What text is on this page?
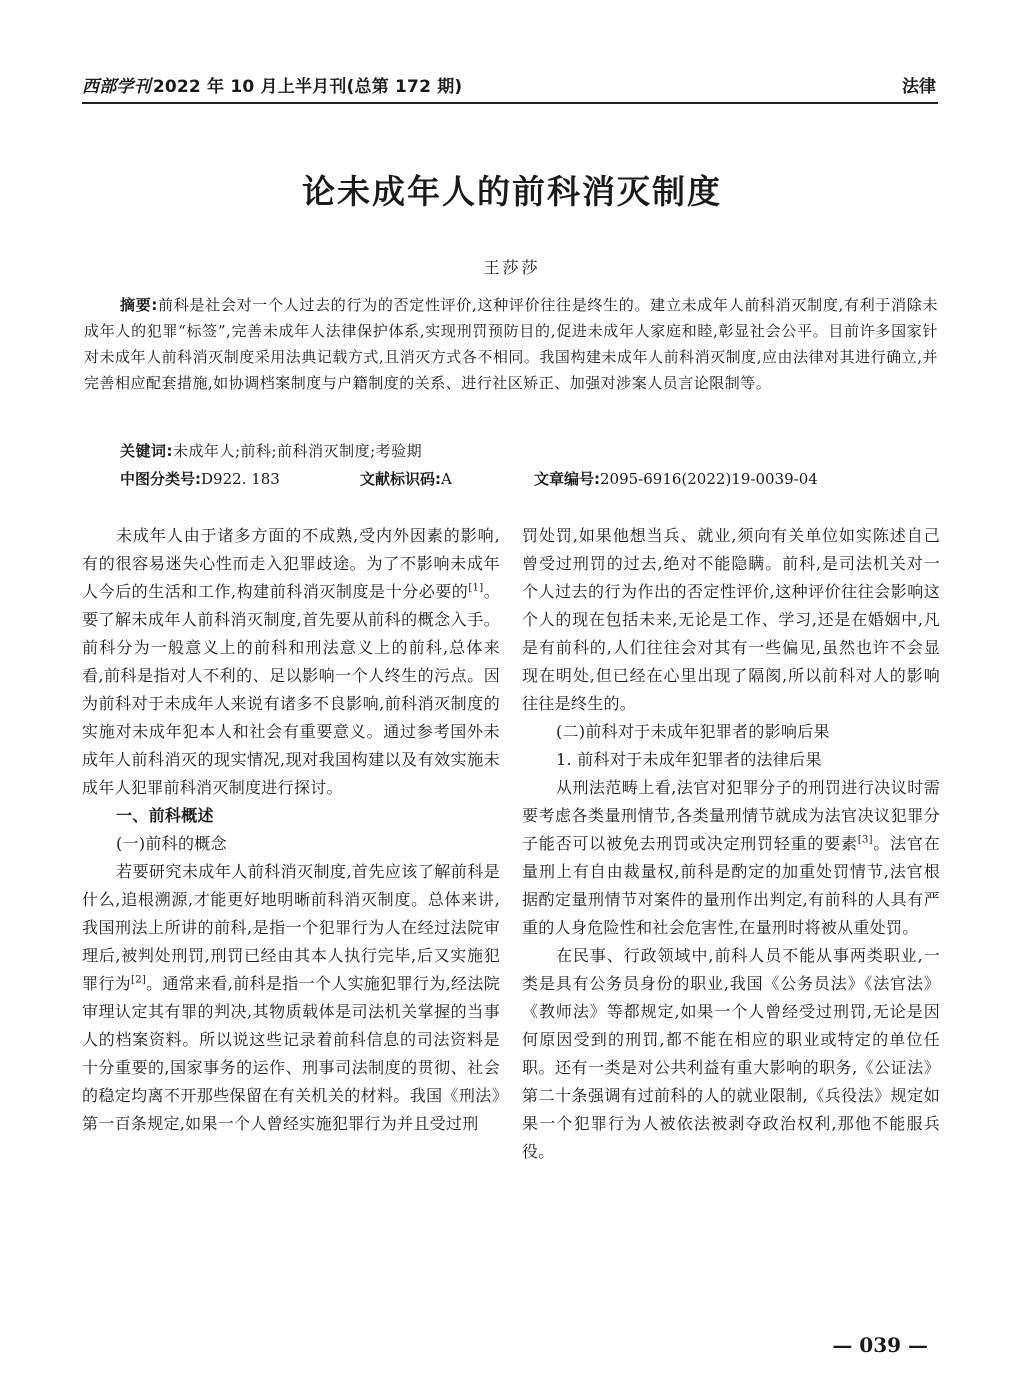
西部学刊 2022 年 10 月上半月刊(总第 172 期)	法律
论未成年人的前科消灭制度
王莎莎
摘要:前科是社会对一个人过去的行为的否定性评价,这种评价往往是终生的。建立未成年人前科消灭制度,有利于消除未成年人的犯罪“标签”,完善未成年人法律保护体系,实现刑罚预防目的,促进未成年人家庭和睦,彰显社会公平。目前许多国家针对未成年人前科消灭制度采用法典记载方式,且消灭方式各不相同。我国构建未成年人前科消灭制度,应由法律对其进行确立,并完善相应配套措施,如协调档案制度与户籍制度的关系、进行社区矫正、加强对涉案人员言论限制等。
关键词:未成年人;前科;前科消灭制度;考验期
中图分类号:D922. 183	文献标识码:A	文章编号:2095-6916(2022)19-0039-04

未成年人由于诸多方面的不成熟,受内外因素的影响,有的很容易迷失心性而走入犯罪歧途。为了不影响未成年人今后的生活和工作,构建前科消灭制度是十分必要的[1]。要了解未成年人前科消灭制度,首先要从前科的概念入手。前科分为一般意义上的前科和刑法意义上的前科,总体来看,前科是指对人不利的、足以影响一个人终生的污点。因为前科对于未成年人来说有诸多不良影响,前科消灭制度的实施对未成年犯本人和社会有重要意义。通过参考国外未成年人前科消灭的现实情况,现对我国构建以及有效实施未成年人犯罪前科消灭制度进行探讨。

一、前科概述

(一)前科的概念

若要研究未成年人前科消灭制度,首先应该了解前科是什么,追根溯源,才能更好地明晰前科消灭制度。总体来讲,我国刑法上所讲的前科,是指一个犯罪行为人在经过法院审理后,被判处刑罚,刑罚已经由其本人执行完毕,后又实施犯罪行为[2]。通常来看,前科是指一个人实施犯罪行为,经法院审理认定其有罪的判决,其物质载体是司法机关掌握的当事人的档案资料。所以说这些记录着前科信息的司法资料是十分重要的,国家事务的运作、刑事司法制度的贯彻、社会的稳定均离不开那些保留在有关机关的材料。我国《刑法》第一百条规定,如果一个人曾经实施犯罪行为并且受过刑

罚处罚,如果他想当兵、就业,须向有关单位如实陈述自己曾受过刑罚的过去,绝对不能隐瞒。前科,是司法机关对一个人过去的行为作出的否定性评价,这种评价往往会影响这个人的现在包括未来,无论是工作、学习,还是在婚姻中,凡是有前科的,人们往往会对其有一些偏见,虽然也许不会显现在明处,但已经在心里出现了隔阂,所以前科对人的影响往往是终生的。

(二)前科对于未成年犯罪者的影响后果

1. 前科对于未成年犯罪者的法律后果

从刑法范畴上看,法官对犯罪分子的刑罚进行决议时需要考虑各类量刑情节,各类量刑情节就成为法官决议犯罪分子能否可以被免去刑罚或决定刑罚轻重的要素[3]。法官在量刑上有自由裁量权,前科是酌定的加重处罚情节,法官根据酌定量刑情节对案件的量刑作出判定,有前科的人具有严重的人身危险性和社会危害性,在量刑时将被从重处罚。

在民事、行政领域中,前科人员不能从事两类职业,一类是具有公务员身份的职业,我国《公务员法》《法官法》《教师法》等都规定,如果一个人曾经受过刑罚,无论是因何原因受到的刑罚,都不能在相应的职业或特定的单位任职。还有一类是对公共利益有重大影响的职务,《公证法》第二十条强调有过前科的人的就业限制,《兵役法》规定如果一个犯罪行为人被依法被剥夺政治权利,那他不能服兵役。

— 039 —
